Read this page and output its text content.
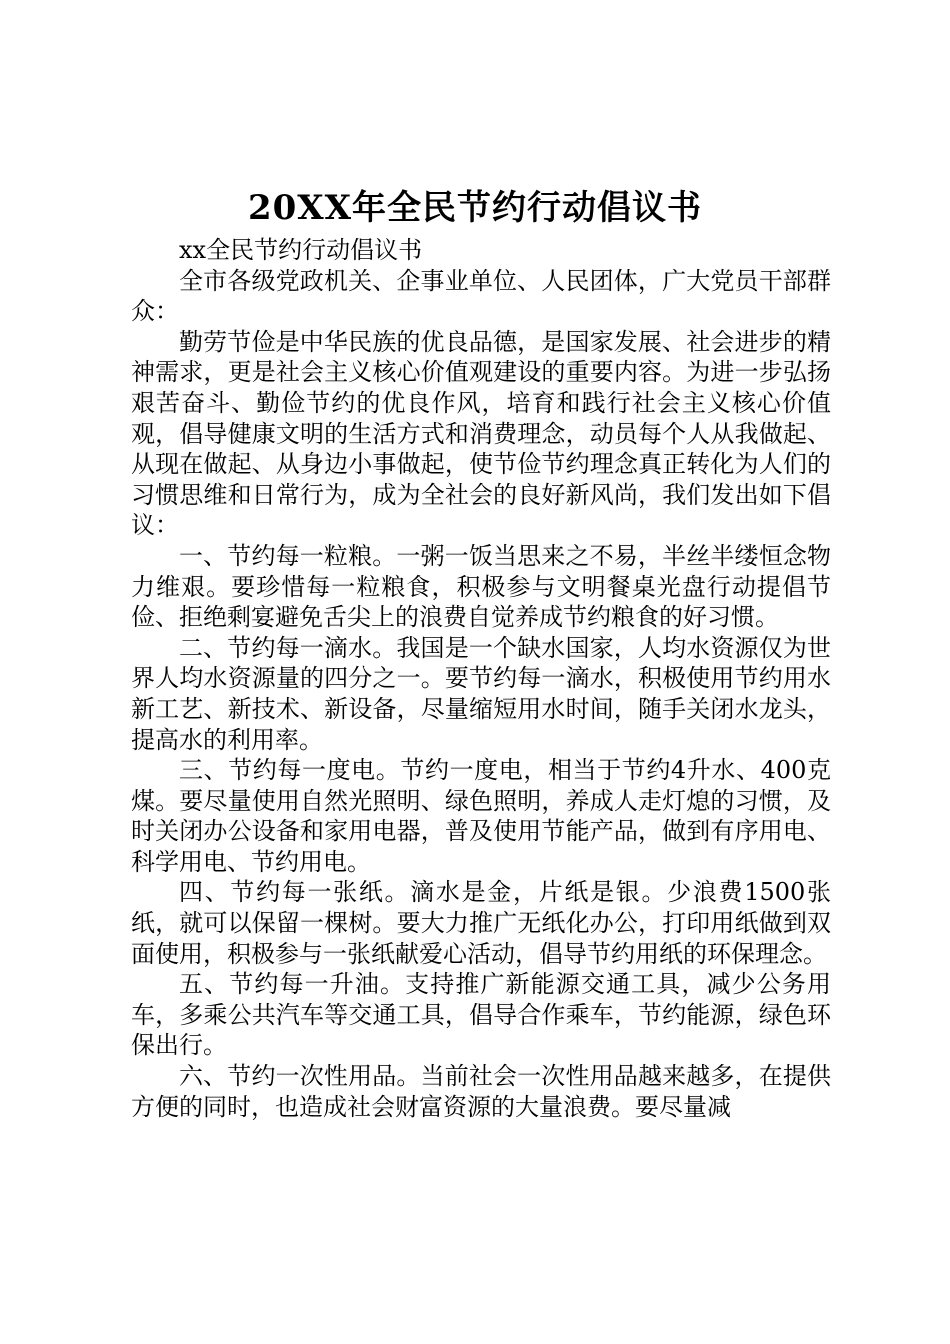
20XX年全民节约行动倡议书

xx全民节约行动倡议书

全市各级党政机关、企事业单位、人民团体，广大党员干部群众：

勤劳节俭是中华民族的优良品德，是国家发展、社会进步的精神需求，更是社会主义核心价值观建设的重要内容。为进一步弘扬艰苦奋斗、勤俭节约的优良作风，培育和践行社会主义核心价值观，倡导健康文明的生活方式和消费理念，动员每个人从我做起、从现在做起、从身边小事做起，使节俭节约理念真正转化为人们的习惯思维和日常行为，成为全社会的良好新风尚，我们发出如下倡议：

一、节约每一粒粮。一粥一饭当思来之不易，半丝半缕恒念物力维艰。要珍惜每一粒粮食，积极参与文明餐桌光盘行动提倡节俭、拒绝剩宴避免舌尖上的浪费自觉养成节约粮食的好习惯。

二、节约每一滴水。我国是一个缺水国家，人均水资源仅为世界人均水资源量的四分之一。要节约每一滴水，积极使用节约用水新工艺、新技术、新设备，尽量缩短用水时间，随手关闭水龙头，提高水的利用率。

三、节约每一度电。节约一度电，相当于节约4升水、400克煤。要尽量使用自然光照明、绿色照明，养成人走灯熄的习惯，及时关闭办公设备和家用电器，普及使用节能产品，做到有序用电、科学用电、节约用电。

四、节约每一张纸。滴水是金，片纸是银。少浪费1500张纸，就可以保留一棵树。要大力推广无纸化办公，打印用纸做到双面使用，积极参与一张纸献爱心活动，倡导节约用纸的环保理念。

五、节约每一升油。支持推广新能源交通工具，减少公务用车，多乘公共汽车等交通工具，倡导合作乘车，节约能源，绿色环保出行。

六、节约一次性用品。当前社会一次性用品越来越多，在提供方便的同时，也造成社会财富资源的大量浪费。要尽量减
